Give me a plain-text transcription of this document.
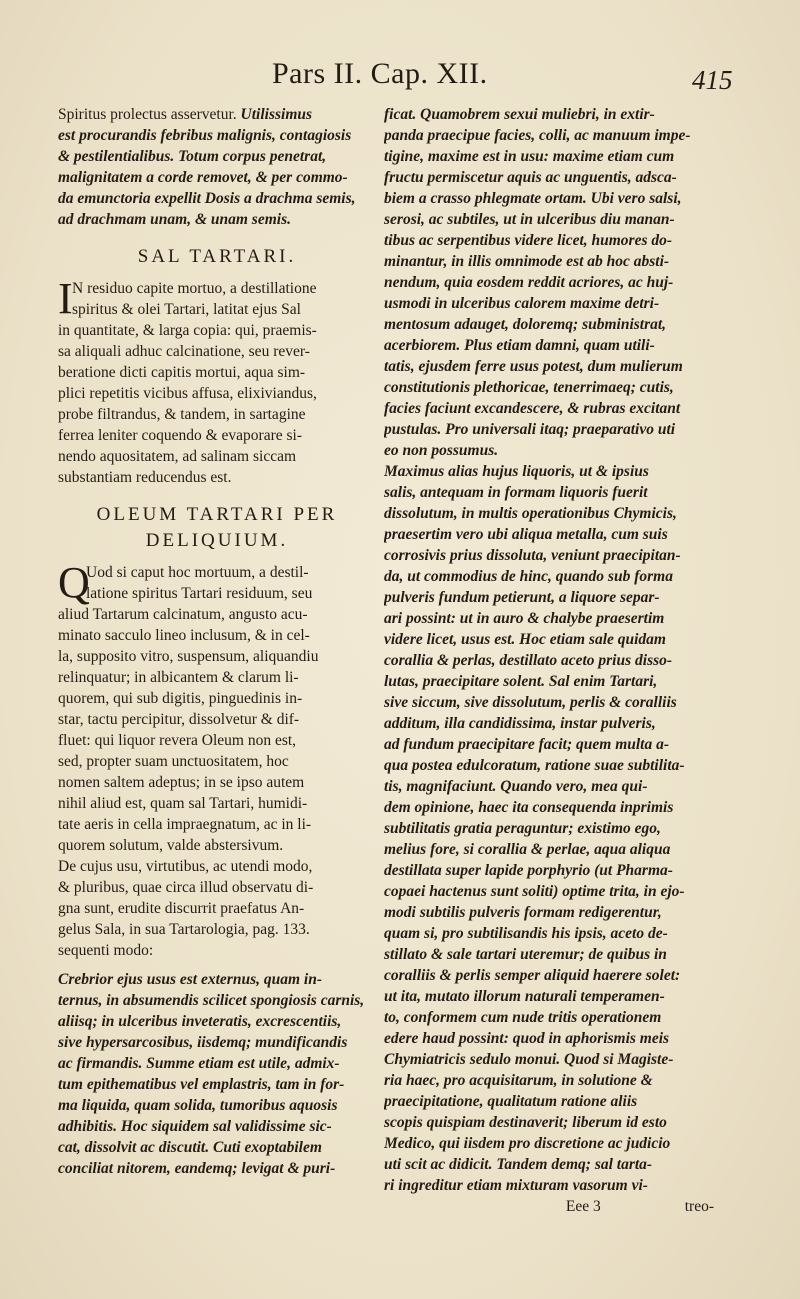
Pars II. Cap. XII.	415
Spiritus prolectus asservetur. Utilissimus
est procurandis febribus malignis, contagiosis
& pestilentialibus. Totum corpus penetrat,
malignitatem a corde removet, & per commo-
da emunctoria expellit Dosis a drachma semis,
ad drachmam unam, & unam semis.
SAL TARTARI.
I N residuo capite mortuo, a destillatione
spiritus & olei Tartari, latitat ejus Sal
in quantitate, & larga copia: qui, praemis-
sa aliquali adhuc calcinatione, seu rever-
beratione dicti capitis mortui, aqua sim-
plici repetitis vicibus affusa, elixiviandus,
probe filtrandus, & tandem, in sartagine
ferrea leniter coquendo & evaporare si-
nendo aquositatem, ad salinam siccam
substantiam reducendus est.
OLEUM TARTARI PER
DELIQUIUM.
Q
Uod si caput hoc mortuum, a destil-
latione spiritus Tartari residuum, seu
aliud Tartarum calcinatum, angusto acu-
minato sacculo lineo inclusum, & in cel-
la, supposito vitro, suspensum, aliquandiu
relinquatur; in albicantem & clarum li-
quorem, qui sub digitis, pinguedinis in-
star, tactu percipitur, dissolvetur & dif-
fluet: qui liquor revera Oleum non est,
sed, propter suam unctuositatem, hoc
nomen saltem adeptus; in se ipso autem
nihil aliud est, quam sal Tartari, humidi-
tate aeris in cella impraegnatum, ac in li-
quorem solutum, valde abstersivum.
De cujus usu, virtutibus, ac utendi modo,
& pluribus, quae circa illud observatu di-
gna sunt, erudite discurrit praefatus An-
gelus Sala, in sua Tartarologia, pag. 133.
sequenti modo:
Crebrior ejus usus est externus, quam in-
ternus, in absumendis scilicet spongiosis carnis,
aliisq; in ulceribus inveteratis, excrescentiis,
sive hypersarcosibus, iisdemq; mundificandis
ac firmandis. Summe etiam est utile, admix-
tum epithematibus vel emplastris, tam in for-
ma liquida, quam solida, tumoribus aquosis
adhibitis. Hoc siquidem sal validissime sic-
cat, dissolvit ac discutit. Cuti exoptabilem
conciliat nitorem, eandemq; levigat & puri-
ficat. Quamobrem sexui muliebri, in extir-
panda praecipue facies, colli, ac manuum impe-
tigine, maxime est in usu: maxime etiam cum
fructu permiscetur aquis ac unguentis, adsca-
biem a crasso phlegmate ortam. Ubi vero salsi,
serosi, ac subtiles, ut in ulceribus diu manan-
tibus ac serpentibus videre licet, humores do-
minantur, in illis omnimode est ab hoc absti-
nendum, quia eosdem reddit acriores, ac huj-
usmodi in ulceribus calorem maxime detri-
mentosum adauget, doloremq; subministrat,
acerbiorem. Plus etiam damni, quam utili-
tatis, ejusdem ferre usus potest, dum mulierum
constitutionis plethoricae, tenerrimaeq; cutis,
facies faciunt excandescere, & rubras excitant
pustulas. Pro universali itaq; praeparativo uti
eo non possumus.
Maximus alias hujus liquoris, ut & ipsius
salis, antequam in formam liquoris fuerit
dissolutum, in multis operationibus Chymicis,
praesertim vero ubi aliqua metalla, cum suis
corrosivis prius dissoluta, veniunt praecipitan-
da, ut commodius de hinc, quando sub forma
pulveris fundum petierunt, a liquore separ-
ari possint: ut in auro & chalybe praesertim
videre licet, usus est. Hoc etiam sale quidam
corallia & perlas, destillato aceto prius disso-
lutas, praecipitare solent. Sal enim Tartari,
sive siccum, sive dissolutum, perlis & coralliis
additum, illa candidissima, instar pulveris,
ad fundum praecipitare facit; quem multa a-
qua postea edulcoratum, ratione suae subtilita-
tis, magnifaciunt. Quando vero, mea qui-
dem opinione, haec ita consequenda inprimis
subtilitatis gratia peraguntur; existimo ego,
melius fore, si corallia & perlae, aqua aliqua
destillata super lapide porphyrio (ut Pharma-
copaei hactenus sunt soliti) optime trita, in ejo-
modi subtilis pulveris formam redigerentur,
quam si, pro subtilisandis his ipsis, aceto de-
stillato & sale tartari uteremur; de quibus in
coralliis & perlis semper aliquid haerere solet:
ut ita, mutato illorum naturali temperamen-
to, conformem cum nude tritis operationem
edere haud possint: quod in aphorismis meis
Chymiatricis sedulo monui. Quod si Magiste-
ria haec, pro acquisitarum, in solutione &
praecipitatione, qualitatum ratione aliis
scopis quispiam destinaverit; liberum id esto
Medico, qui iisdem pro discretione ac judicio
uti scit ac didicit. Tandem demq; sal tarta-
ri ingreditur etiam mixturam vasorum vi-
Eee 3	treo-
